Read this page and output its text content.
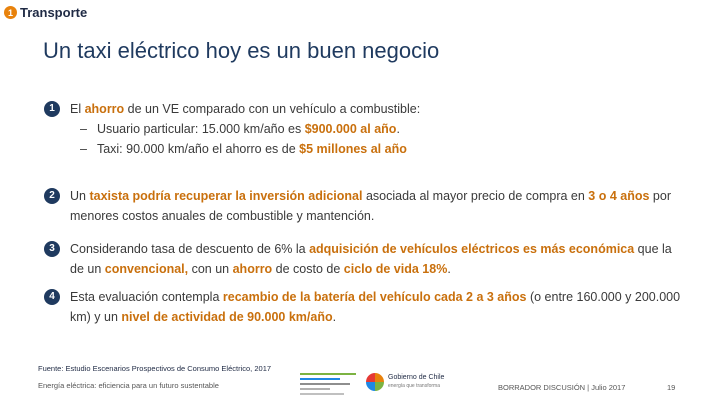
1 Transporte
Un taxi eléctrico hoy es un buen negocio
1	El ahorro de un VE comparado con un vehículo a combustible:
– Usuario particular: 15.000 km/año es $900.000 al año.
– Taxi: 90.000 km/año el ahorro es de $5 millones al año
2	Un taxista podría recuperar la inversión adicional asociada al mayor precio de compra en 3 o 4 años por menores costos anuales de combustible y mantención.
3	Considerando tasa de descuento de 6% la adquisición de vehículos eléctricos es más económica que la de un convencional, con un ahorro de costo de ciclo de vida 18%.
4	Esta evaluación contempla recambio de la batería del vehículo cada 2 a 3 años (o entre 160.000 y 200.000 km) y un nivel de actividad de 90.000 km/año.
Fuente: Estudio Escenarios Prospectivos de Consumo Eléctrico, 2017
Energía eléctrica: eficiencia para un futuro sustentable
Gobierno de Chile
energía que transforma	BORRADOR DISCUSIÓN | Julio 2017	19
